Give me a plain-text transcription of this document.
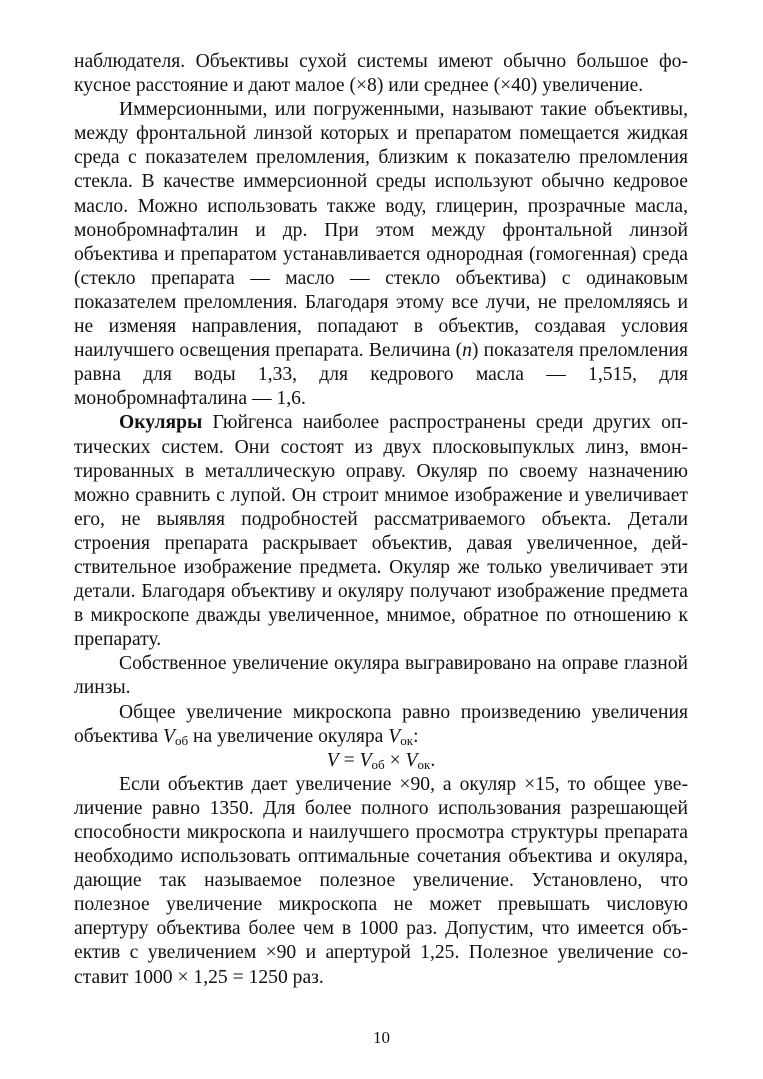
наблюдателя. Объективы сухой системы имеют обычно большое фокусное расстояние и дают малое (×8) или среднее (×40) увеличение.

Иммерсионными, или погруженными, называют такие объективы, между фронтальной линзой которых и препаратом помещается жидкая среда с показателем преломления, близким к показателю преломления стекла. В качестве иммерсионной среды используют обычно кедровое масло. Можно использовать также воду, глицерин, прозрачные масла, монобромнафталин и др. При этом между фронтальной линзой объектива и препаратом устанавливается однородная (гомогенная) среда (стекло препарата — масло — стекло объектива) с одинаковым показателем преломления. Благодаря этому все лучи, не преломляясь и не изменяя направления, попадают в объектив, создавая условия наилучшего освещения препарата. Величина (n) показателя преломления равна для воды 1,33, для кедрового масла — 1,515, для монобромнафталина — 1,6.

Окуляры Гюйгенса наиболее распространены среди других оптических систем. Они состоят из двух плосковыпуклых линз, вмонтированных в металлическую оправу. Окуляр по своему назначению можно сравнить с лупой. Он строит мнимое изображение и увеличивает его, не выявляя подробностей рассматриваемого объекта. Детали строения препарата раскрывает объектив, давая увеличенное, действительное изображение предмета. Окуляр же только увеличивает эти детали. Благодаря объективу и окуляру получают изображение предмета в микроскопе дважды увеличенное, мнимое, обратное по отношению к препарату.

Собственное увеличение окуляра выгравировано на оправе глазной линзы.

Общее увеличение микроскопа равно произведению увеличения объектива $V_{об}$ на увеличение окуляра $V_{ок}$:

$V = V_{об} \times V_{ок}$.

Если объектив дает увеличение ×90, а окуляр ×15, то общее увеличение равно 1350. Для более полного использования разрешающей способности микроскопа и наилучшего просмотра структуры препарата необходимо использовать оптимальные сочетания объектива и окуляра, дающие так называемое полезное увеличение. Установлено, что полезное увеличение микроскопа не может превышать числовую апертуру объектива более чем в 1000 раз. Допустим, что имеется объектив с увеличением ×90 и апертурой 1,25. Полезное увеличение составит 1000 × 1,25 = 1250 раз.

10
